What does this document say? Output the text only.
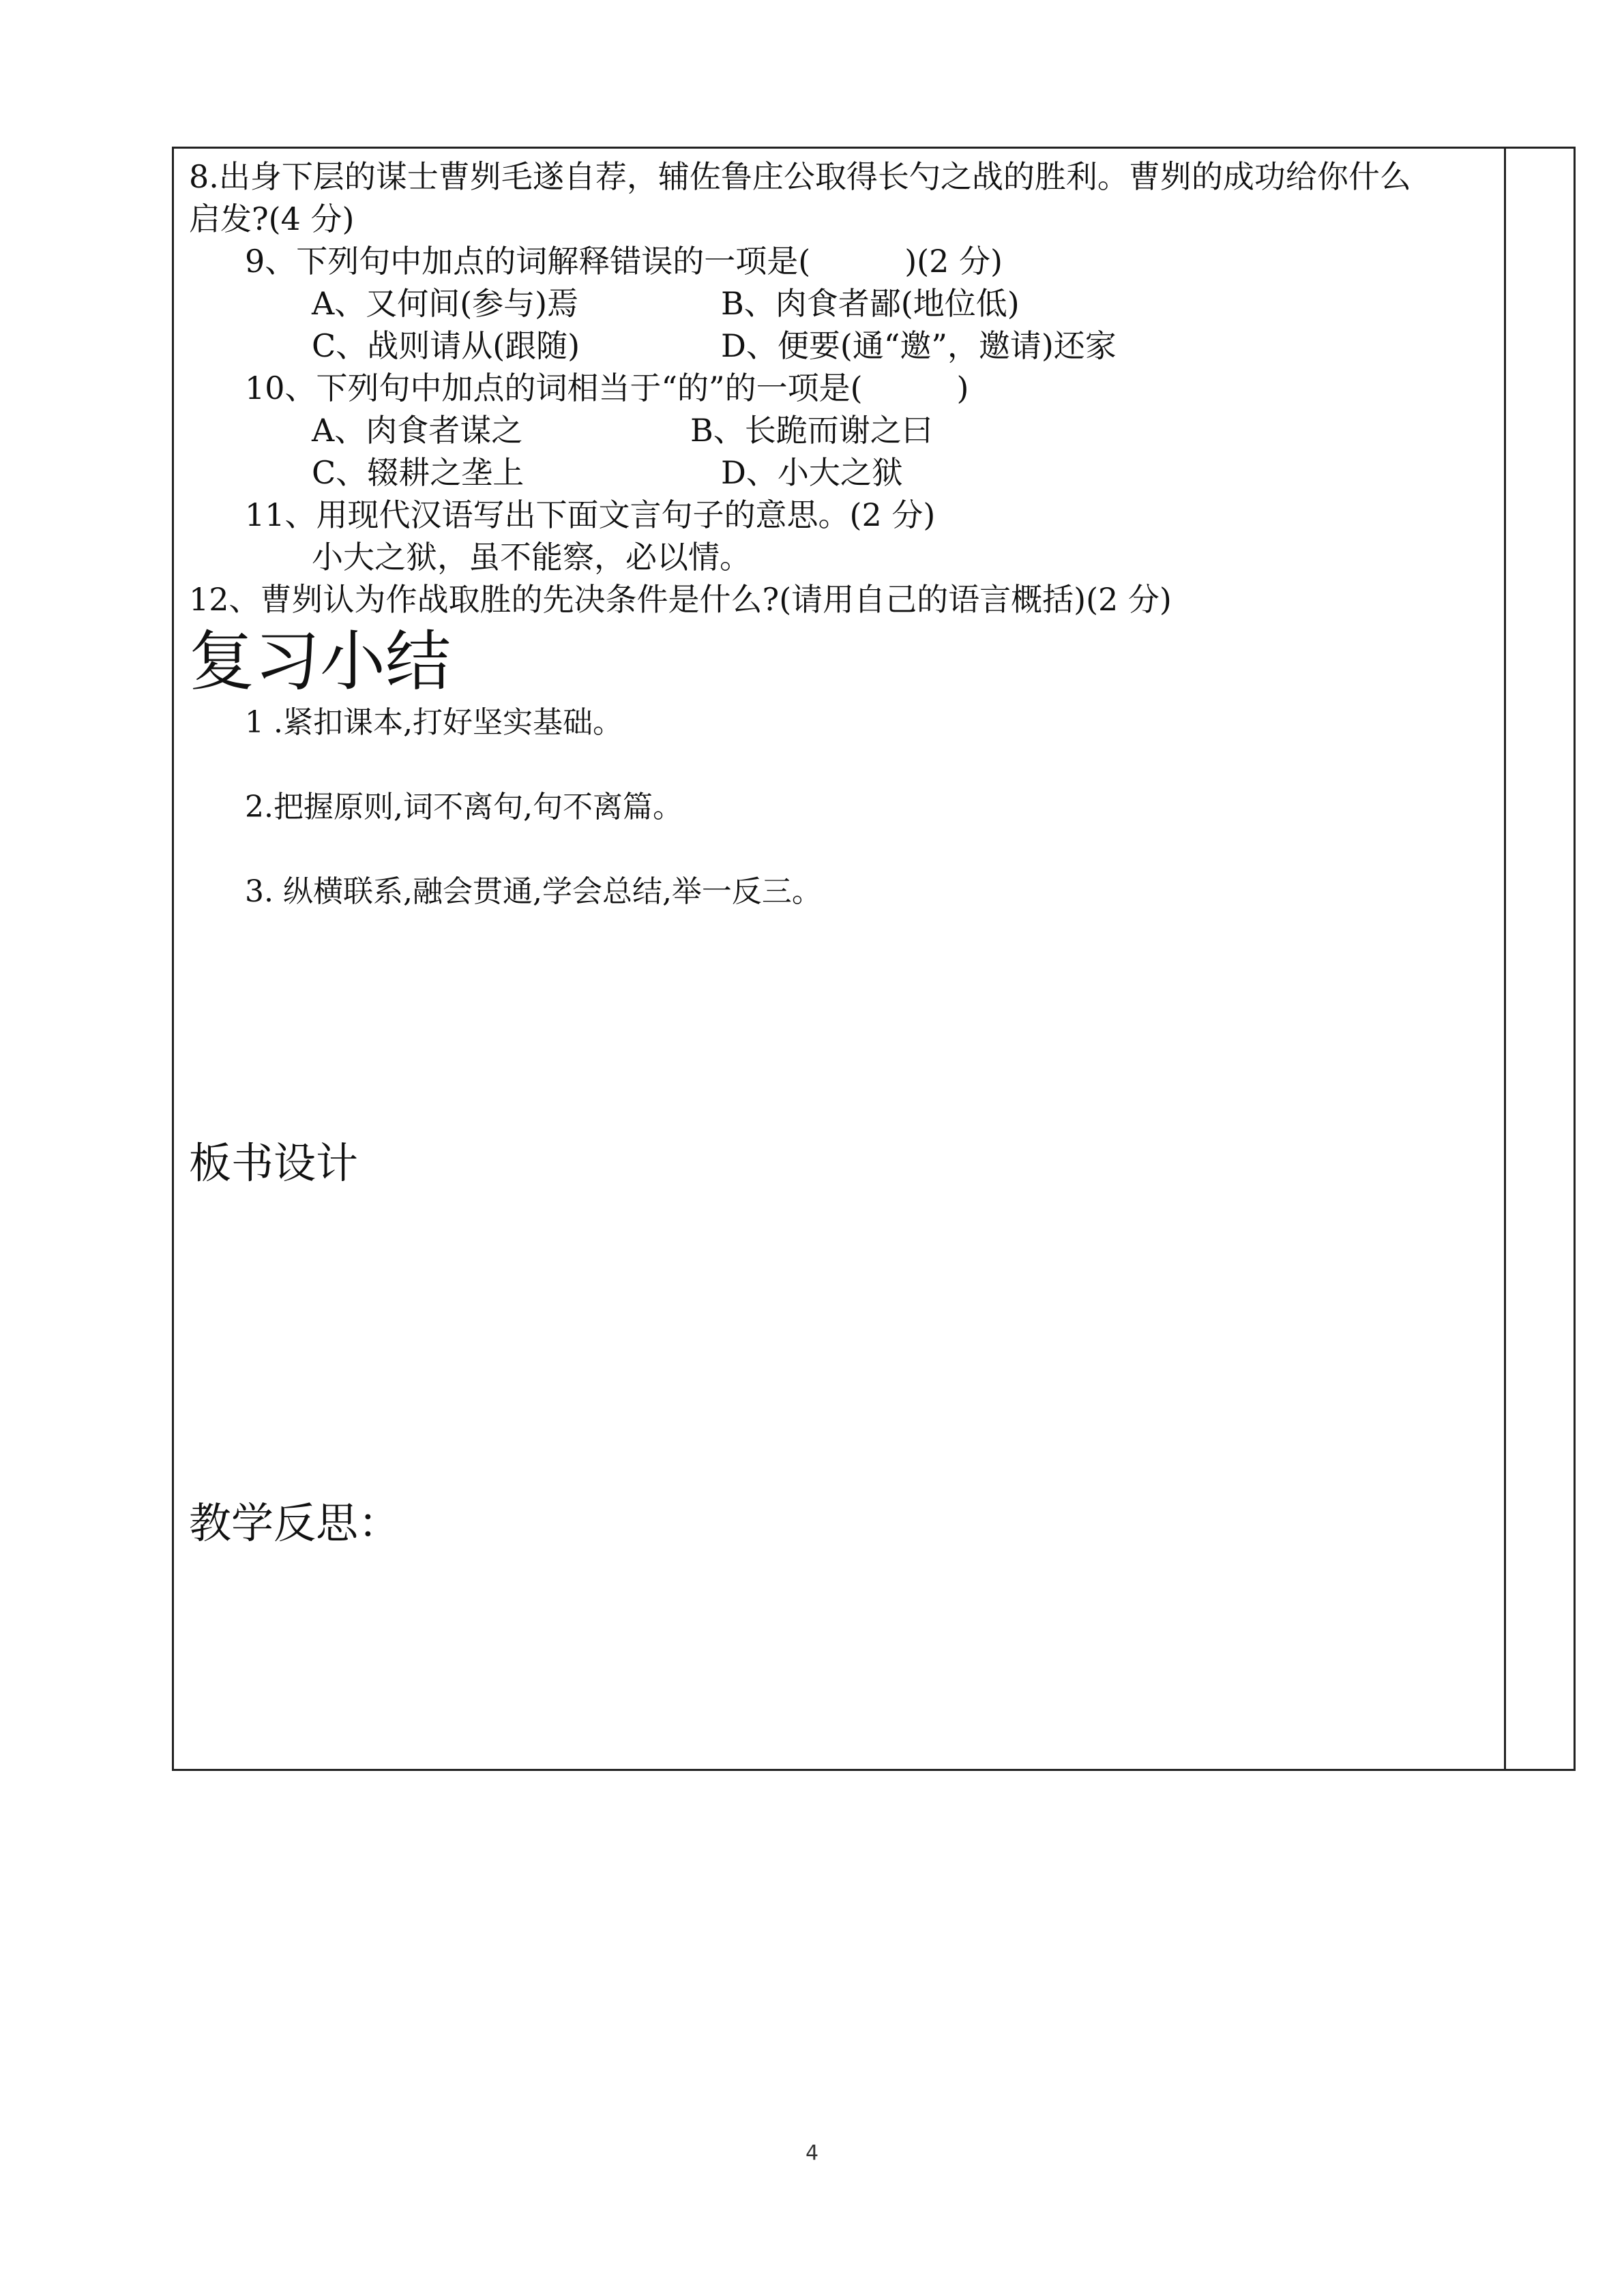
8.出身下层的谋士曹刿毛遂自荐，辅佐鲁庄公取得长勺之战的胜利。曹刿的成功给你什么
启发?(4 分)
9、下列句中加点的词解释错误的一项是(　　　)(2 分)
A、又何间(参与)焉	B、肉食者鄙(地位低)
C、战则请从(跟随)	D、便要(通“邀”，邀请)还家
10、下列句中加点的词相当于“的”的一项是(　　　)
A、肉食者谋之	B、长跪而谢之曰
C、辍耕之垄上	D、小大之狱
11、用现代汉语写出下面文言句子的意思。(2 分)
小大之狱，虽不能察，必以情。
12、曹刿认为作战取胜的先决条件是什么?(请用自己的语言概括)(2 分)
复习小结
1 .紧扣课本,打好坚实基础。
2.把握原则,词不离句,句不离篇。
3. 纵横联系,融会贯通,学会总结,举一反三。
板书设计
教学反思：
4
